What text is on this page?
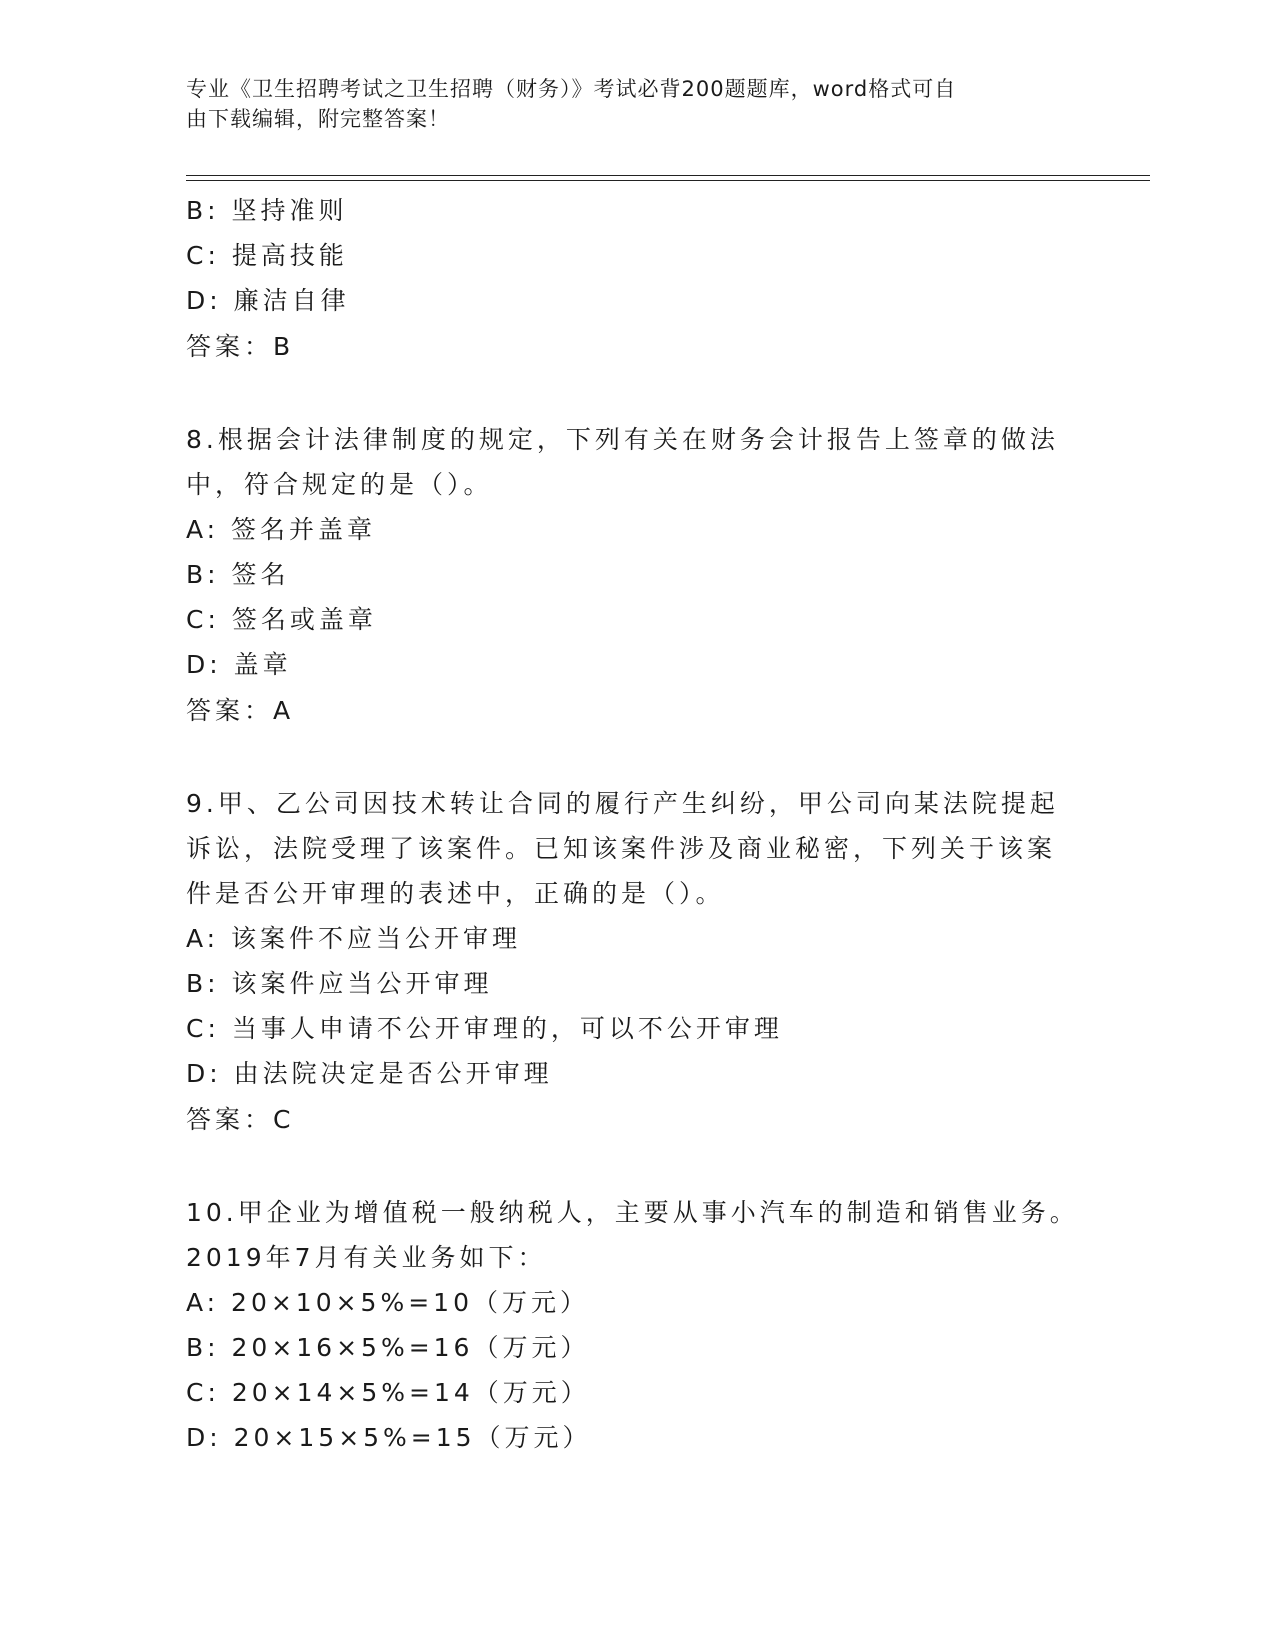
专业《卫生招聘考试之卫生招聘（财务）》考试必背200题题库，word格式可自
由下载编辑，附完整答案！
B: 坚持准则
C: 提高技能
D: 廉洁自律
答案：B
8.根据会计法律制度的规定，下列有关在财务会计报告上签章的做法
中，符合规定的是（）。
A: 签名并盖章
B: 签名
C: 签名或盖章
D: 盖章
答案：A
9.甲、乙公司因技术转让合同的履行产生纠纷，甲公司向某法院提起
诉讼，法院受理了该案件。已知该案件涉及商业秘密，下列关于该案
件是否公开审理的表述中，正确的是（）。
A: 该案件不应当公开审理
B: 该案件应当公开审理
C: 当事人申请不公开审理的，可以不公开审理
D: 由法院决定是否公开审理
答案：C
10.甲企业为增值税一般纳税人，主要从事小汽车的制造和销售业务。
2019年7月有关业务如下：
A: 20×10×5%=10（万元）
B: 20×16×5%=16（万元）
C: 20×14×5%=14（万元）
D: 20×15×5%=15（万元）
